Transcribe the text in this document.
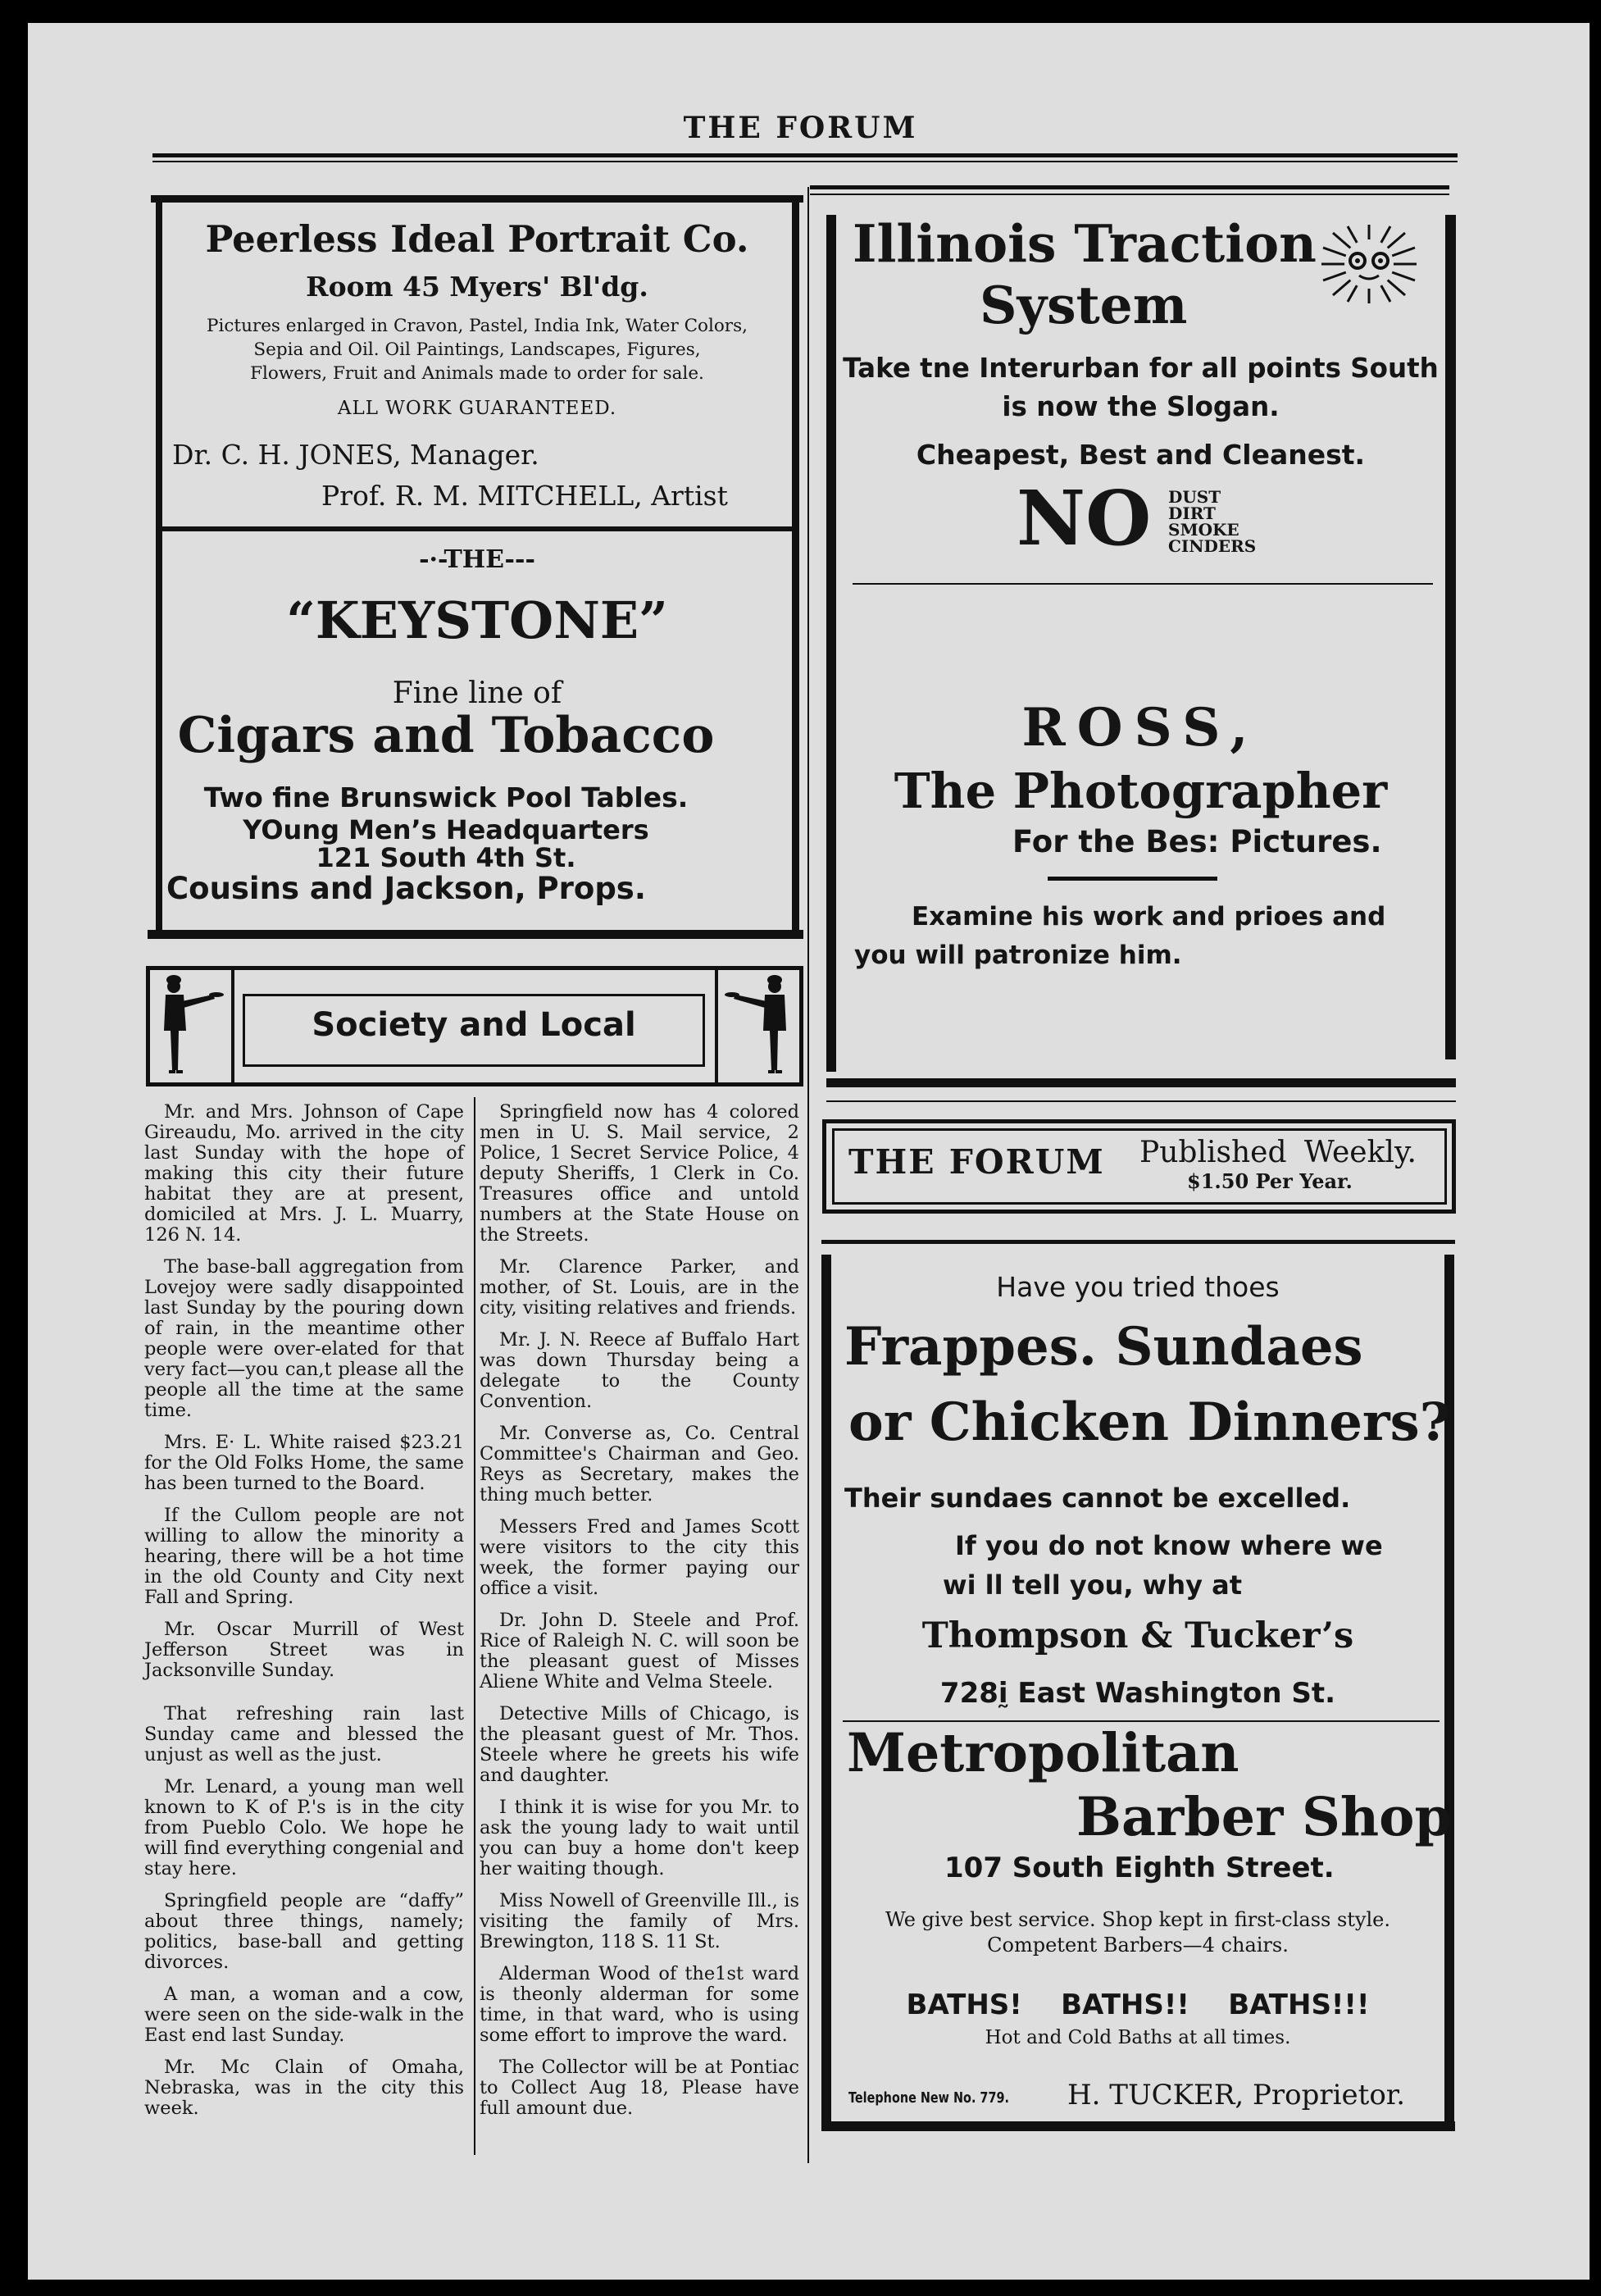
THE FORUM
Peerless Ideal Portrait Co.
Room 45 Myers' Bl'dg.
Pictures enlarged in Cravon, Pastel, India Ink, Water Colors,
Sepia and Oil. Oil Paintings, Landscapes, Figures,
Flowers, Fruit and Animals made to order for sale.
ALL WORK GUARANTEED.
Dr. C. H. JONES, Manager.
Prof. R. M. MITCHELL, Artist
-·-THE---
“KEYSTONE”
Fine line of
Cigars and Tobacco
Two fine Brunswick Pool Tables.
YOung Men’s Headquarters
121 South 4th St.
Cousins and Jackson, Props.
Society and Local

Mr. and Mrs. Johnson of Cape Gireaudu, Mo. arrived in the city last Sunday with the hope of making this city their future habitat they are at present, domiciled at Mrs. J. L. Muarry, 126 N. 14.

The base-ball aggregation from Lovejoy were sadly disappointed last Sunday by the pouring down of rain, in the meantime other people were over-elated for that very fact—you can,t please all the people all the time at the same time.

Mrs. E· L. White raised $23.21 for the Old Folks Home, the same has been turned to the Board.

If the Cullom people are not willing to allow the minority a hearing, there will be a hot time in the old County and City next Fall and Spring.

Mr. Oscar Murrill of West Jefferson Street was in Jacksonville Sunday.

That refreshing rain last Sunday came and blessed the unjust as well as the just.

Mr. Lenard, a young man well known to K of P.'s is in the city from Pueblo Colo. We hope he will find everything congenial and stay here.

Springfield people are “daffy” about three things, namely; politics, base-ball and getting divorces.

A man, a woman and a cow, were seen on the side-walk in the East end last Sunday.

Mr. Mc Clain of Omaha, Nebraska, was in the city this week.

Springfield now has 4 colored men in U. S. Mail service, 2 Police, 1 Secret Service Police, 4 deputy Sheriffs, 1 Clerk in Co. Treasures office and untold numbers at the State House on the Streets.

Mr. Clarence Parker, and mother, of St. Louis, are in the city, visiting relatives and friends.

Mr. J. N. Reece af Buffalo Hart was down Thursday being a delegate to the County Convention.

Mr. Converse as, Co. Central Committee's Chairman and Geo. Reys as Secretary, makes the thing much better.

Messers Fred and James Scott were visitors to the city this week, the former paying our office a visit.

Dr. John D. Steele and Prof. Rice of Raleigh N. C. will soon be the pleasant guest of Misses Aliene White and Velma Steele.

Detective Mills of Chicago, is the pleasant guest of Mr. Thos. Steele where he greets his wife and daughter.

I think it is wise for you Mr. to ask the young lady to wait until you can buy a home don't keep her waiting though.

Miss Nowell of Greenville Ill., is visiting the family of Mrs. Brewington, 118 S. 11 St.

Alderman Wood of the1st ward is theonly alderman for some time, in that ward, who is using some effort to improve the ward.

The Collector will be at Pontiac to Collect Aug 18, Please have full amount due.

Illinois Traction
System
Take tne Interurban for all points South
is now the Slogan.
Cheapest, Best and Cleanest.
NO DUST
DIRT
SMOKE
CINDERS
ROSS,
The Photographer
For the Bes: Pictures.
Examine his work and prioes and
you will patronize him.
THE FORUM Published Weekly.
$1.50 Per Year.
Have you tried thoes
Frappes. Sundaes
or Chicken Dinners?
Their sundaes cannot be excelled.
If you do not know where we
wi ll tell you, why at
Thompson & Tucker’s
728ḭ East Washington St.
Metropolitan
Barber Shop
107 South Eighth Street.
We give best service. Shop kept in first-class style.
Competent Barbers—4 chairs.
BATHS!    BATHS!!    BATHS!!!
Hot and Cold Baths at all times.
Telephone New No. 779. H. TUCKER, Proprietor.
